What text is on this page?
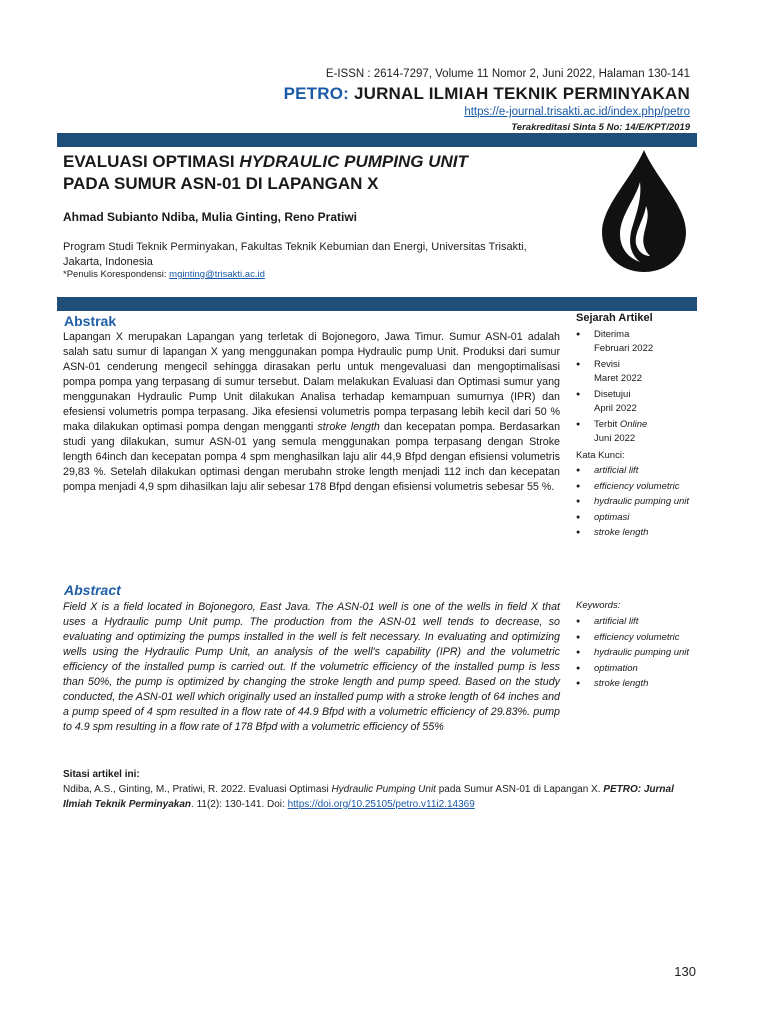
E-ISSN : 2614-7297, Volume 11 Nomor 2, Juni 2022, Halaman 130-141
PETRO: JURNAL ILMIAH TEKNIK PERMINYAKAN
https://e-journal.trisakti.ac.id/index.php/petro
Terakreditasi Sinta 5 No: 14/E/KPT/2019
EVALUASI OPTIMASI HYDRAULIC PUMPING UNIT
PADA SUMUR ASN-01 DI LAPANGAN X
Ahmad Subianto Ndiba, Mulia Ginting, Reno Pratiwi
Program Studi Teknik Perminyakan, Fakultas Teknik Kebumian dan Energi, Universitas Trisakti, Jakarta, Indonesia
*Penulis Korespondensi: mginting@trisakti.ac.id
Abstrak
Lapangan X merupakan Lapangan yang terletak di Bojonegoro, Jawa Timur. Sumur ASN-01 adalah salah satu sumur di lapangan X yang menggunakan pompa Hydraulic pump Unit. Produksi dari sumur ASN-01 cenderung mengecil sehingga dirasakan perlu untuk mengevaluasi dan mengoptimalisasi pompa pompa yang terpasang di sumur tersebut. Dalam melakukan Evaluasi dan Optimasi sumur yang menggunakan Hydraulic Pump Unit dilakukan Analisa terhadap kemampuan sumurnya (IPR) dan efesiensi volumetris pompa terpasang. Jika efesiensi volumetris pompa terpasang lebih kecil dari 50 % maka dilakukan optimasi pompa dengan mengganti stroke length dan kecepatan pompa. Berdasarkan studi yang dilakukan, sumur ASN-01 yang semula menggunakan pompa terpasang dengan Stroke length 64inch dan kecepatan pompa 4 spm menghasilkan laju alir 44,9 Bfpd dengan efisiensi volumetris 29,83 %. Setelah dilakukan optimasi dengan merubahn stroke length menjadi 112 inch dan kecepatan pompa menjadi 4,9 spm dihasilkan laju alir sebesar 178 Bfpd dengan efisiensi volumetris sebesar 55 %.
Sejarah Artikel
● Diterima
Februari 2022
● Revisi
Maret 2022
● Disetujui
April 2022
● Terbit Online
Juni 2022
Kata Kunci:
● artificial lift
● efficiency volumetric
● hydraulic pumping unit
● optimasi
● stroke length
Abstract
Field X is a field located in Bojonegoro, East Java. The ASN-01 well is one of the wells in field X that uses a Hydraulic pump Unit pump. The production from the ASN-01 well tends to decrease, so evaluating and optimizing the pumps installed in the well is felt necessary. In evaluating and optimizing wells using the Hydraulic Pump Unit, an analysis of the well's capability (IPR) and the volumetric efficiency of the installed pump is carried out. If the volumetric efficiency of the installed pump is less than 50%, the pump is optimized by changing the stroke length and pump speed. Based on the study conducted, the ASN-01 well which originally used an installed pump with a stroke length of 64 inches and a pump speed of 4 spm resulted in a flow rate of 44.9 Bfpd with a volumetric efficiency of 29.83%. pump to 4.9 spm resulting in a flow rate of 178 Bfpd with a volumetric efficiency of 55%
Keywords:
● artificial lift
● efficiency volumetric
● hydraulic pumping unit
● optimation
● stroke length
Sitasi artikel ini:
Ndiba, A.S., Ginting, M., Pratiwi, R. 2022. Evaluasi Optimasi Hydraulic Pumping Unit pada Sumur ASN-01 di Lapangan X. PETRO: Jurnal Ilmiah Teknik Perminyakan. 11(2): 130-141. Doi: https://doi.org/10.25105/petro.v11i2.14369
130
